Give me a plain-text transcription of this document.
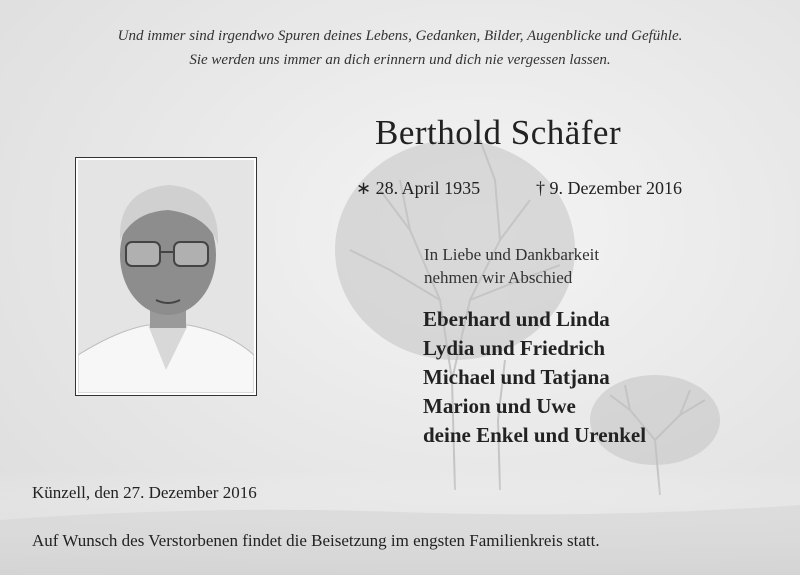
Und immer sind irgendwo Spuren deines Lebens, Gedanken, Bilder, Augenblicke und Gefühle.
Sie werden uns immer an dich erinnern und dich nie vergessen lassen.
Berthold Schäfer
∗ 28. April 1935	† 9. Dezember 2016
In Liebe und Dankbarkeit
nehmen wir Abschied
Eberhard und Linda
Lydia und Friedrich
Michael und Tatjana
Marion und Uwe
deine Enkel und Urenkel
Künzell, den 27. Dezember 2016
Auf Wunsch des Verstorbenen findet die Beisetzung im engsten Familienkreis statt.
